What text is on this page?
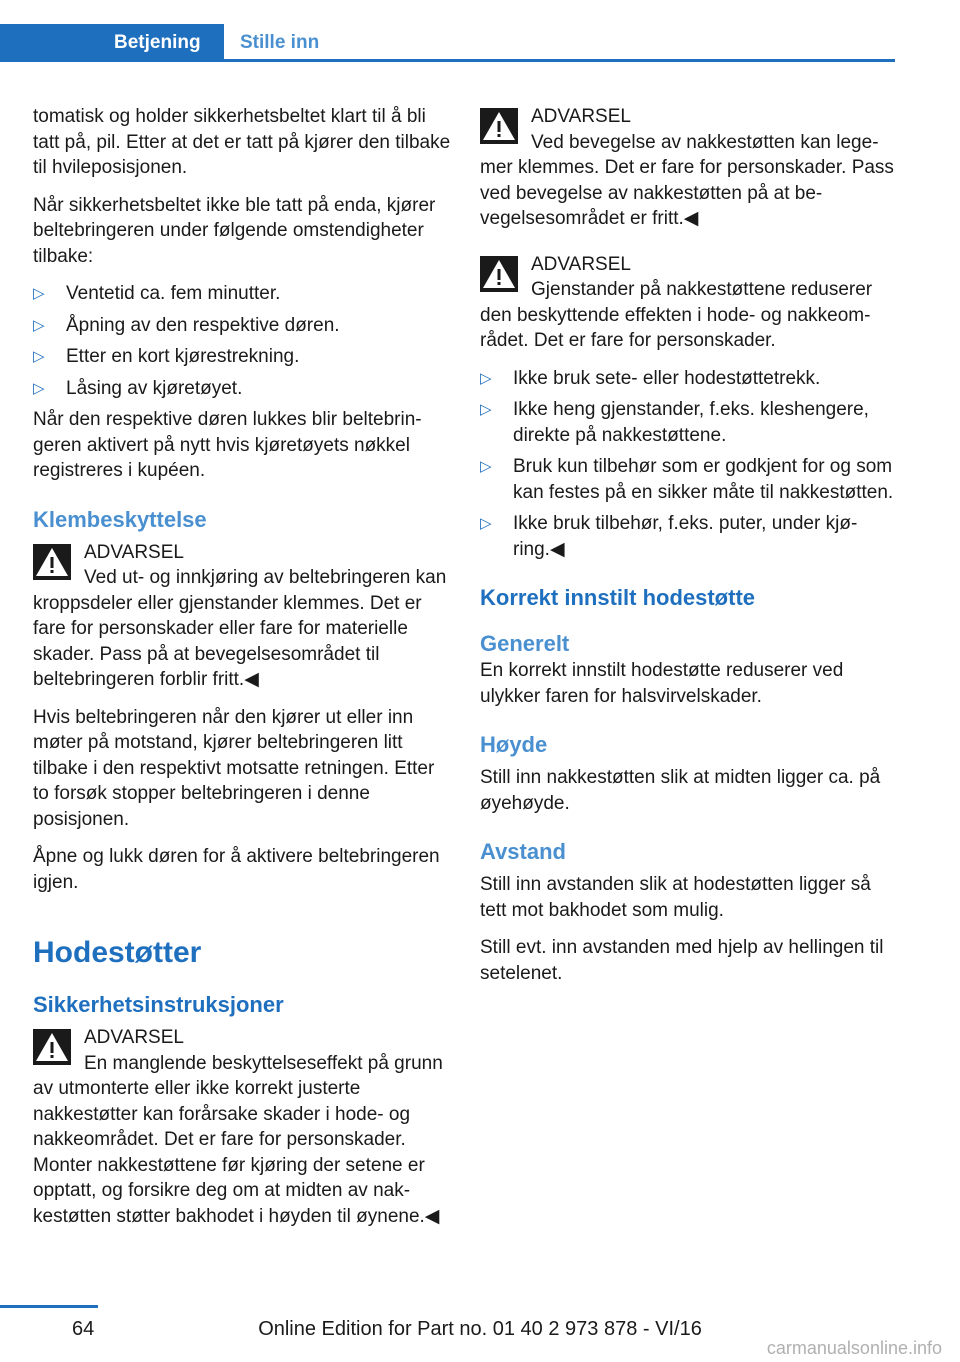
Betjening	Stille inn

tomatisk og holder sikkerhetsbeltet klart til å bli tatt på, pil. Etter at det er tatt på kjører den tilbake til hvileposisjonen.

Når sikkerhetsbeltet ikke ble tatt på enda, kjører beltebringeren under følgende omstendigheter tilbake:

▷ Ventetid ca. fem minutter.
▷ Åpning av den respektive døren.
▷ Etter en kort kjørestrekning.
▷ Låsing av kjøretøyet.

Når den respektive døren lukkes blir beltebringeren aktivert på nytt hvis kjøretøyets nøkkel registreres i kupéen.

Klembeskyttelse
ADVARSEL
Ved ut- og innkjøring av beltebringeren kan kroppsdeler eller gjenstander klemmes. Det er fare for personskader eller fare for materielle skader. Pass på at bevegelsesområdet til beltebringeren forblir fritt.◀

Hvis beltebringeren når den kjører ut eller inn møter på motstand, kjører beltebringeren litt tilbake i den respektivt motsatte retningen. Etter to forsøk stopper beltebringeren i denne posisjonen.

Åpne og lukk døren for å aktivere beltebringeren igjen.

Hodestøtter
Sikkerhetsinstruksjoner
ADVARSEL
En manglende beskyttelseseffekt på grunn av utmonterte eller ikke korrekt justerte nakkestøtter kan forårsake skader i hode- og nakkeområdet. Det er fare for personskader. Monter nakkestøttene før kjøring der setene er opptatt, og forsikre deg om at midten av nakkestøtten støtter bakhodet i høyden til øynene.◀
ADVARSEL
Ved bevegelse av nakkestøtten kan legemer klemmes. Det er fare for personskader. Pass ved bevegelse av nakkestøtten på at bevegelsesområdet er fritt.◀
ADVARSEL
Gjenstander på nakkestøttene reduserer den beskyttende effekten i hode- og nakkeområdet. Det er fare for personskader.
▷ Ikke bruk sete- eller hodestøttetrekk.
▷ Ikke heng gjenstander, f.eks. kleshengere, direkte på nakkestøttene.
▷ Bruk kun tilbehør som er godkjent for og som kan festes på en sikker måte til nakkestøtten.
▷ Ikke bruk tilbehør, f.eks. puter, under kjøring.◀
Korrekt innstilt hodestøtte
Generelt

En korrekt innstilt hodestøtte reduserer ved ulykker faren for halsvirvelskader.

Høyde

Still inn nakkestøtten slik at midten ligger ca. på øyehøyde.

Avstand

Still inn avstanden slik at hodestøtten ligger så tett mot bakhodet som mulig.

Still evt. inn avstanden med hjelp av hellingen til setelenet.

64	Online Edition for Part no. 01 40 2 973 878 - VI/16
carmanualsonline.info
